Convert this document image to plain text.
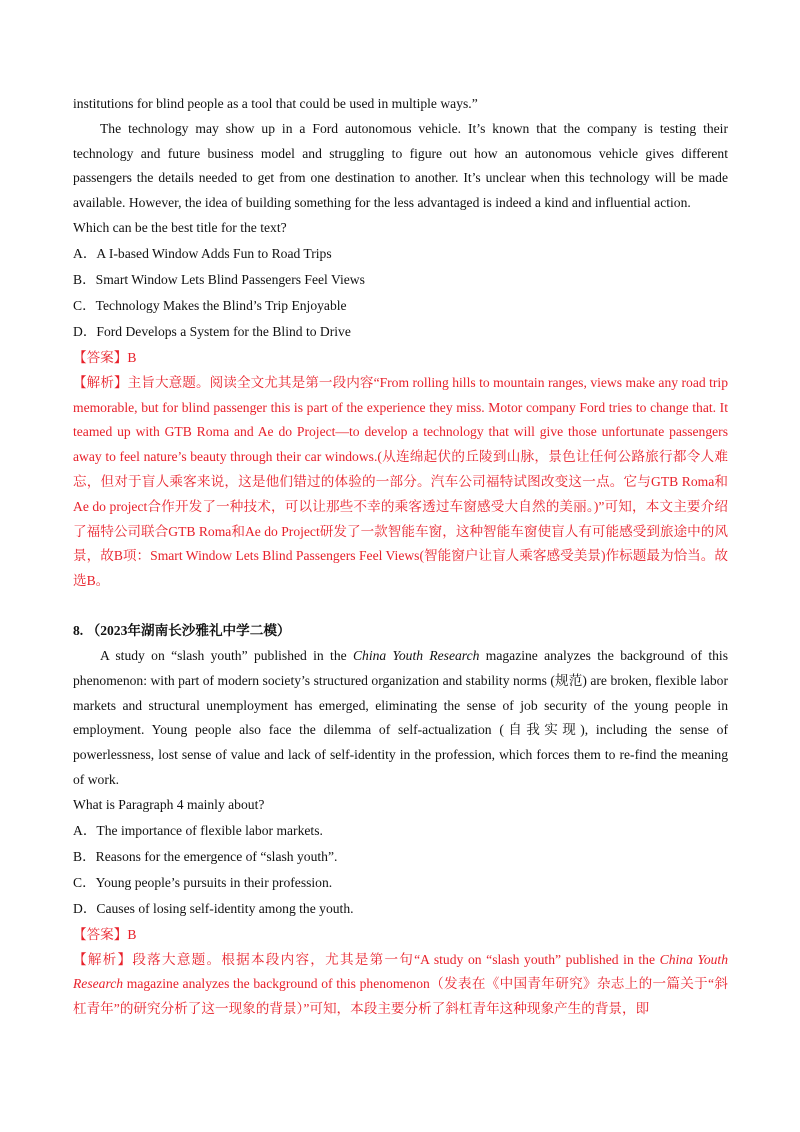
institutions for blind people as a tool that could be used in multiple ways.”

The technology may show up in a Ford autonomous vehicle. It’s known that the company is testing their technology and future business model and struggling to figure out how an autonomous vehicle gives different passengers the details needed to get from one destination to another. It’s unclear when this technology will be made available. However, the idea of building something for the less advantaged is indeed a kind and influential action.

Which can be the best title for the text?

A．A I-based Window Adds Fun to Road Trips
B．Smart Window Lets Blind Passengers Feel Views
C．Technology Makes the Blind’s Trip Enjoyable
D．Ford Develops a System for the Blind to Drive
【答案】B

【解析】主旨大意题。阅读全文尤其是第一段内容“From rolling hills to mountain ranges, views make any road trip memorable, but for blind passenger this is part of the experience they miss. Motor company Ford tries to change that. It teamed up with GTB Roma and Ae do Project—to develop a technology that will give those unfortunate passengers away to feel nature’s beauty through their car windows.(从连绵起伏的丘陵到山脉，景色让任何公路旅行都令人难忘，但对于盲人乘客来说，这是他们错过的体验的一部分。汽车公司福特试图改变这一点。它与GTB Roma和Ae do project合作开发了一种技术，可以让那些不幸的乘客透过车窗感受大自然的美丽。)”可知，本文主要介绍了福特公司联合GTB Roma和Ae do Project研发了一款智能车窗，这种智能车窗使盲人有可能感受到旅途中的风景，故B项：Smart Window Lets Blind Passengers Feel Views(智能窗户让盲人乘客感受美景)作标题最为恰当。故选B。

8. （2023年湖南长沙雅礼中学二模）

A study on “slash youth” published in the China Youth Research magazine analyzes the background of this phenomenon: with part of modern society’s structured organization and stability norms (规范) are broken, flexible labor markets and structural unemployment has emerged, eliminating the sense of job security of the young people in employment. Young people also face the dilemma of self-actualization (自我实现), including the sense of powerlessness, lost sense of value and lack of self-identity in the profession, which forces them to re-find the meaning of work.

What is Paragraph 4 mainly about?

A．The importance of flexible labor markets.
B．Reasons for the emergence of “slash youth”.
C．Young people’s pursuits in their profession.
D．Causes of losing self-identity among the youth.
【答案】B

【解析】段落大意题。根据本段内容，尤其是第一句“A study on “slash youth” published in the China Youth Research magazine analyzes the background of this phenomenon（发表在《中国青年研究》杂志上的一篇关于“斜杠青年”的研究分析了这一现象的背景）”可知，本段主要分析了斜杠青年这种现象产生的背景，即
